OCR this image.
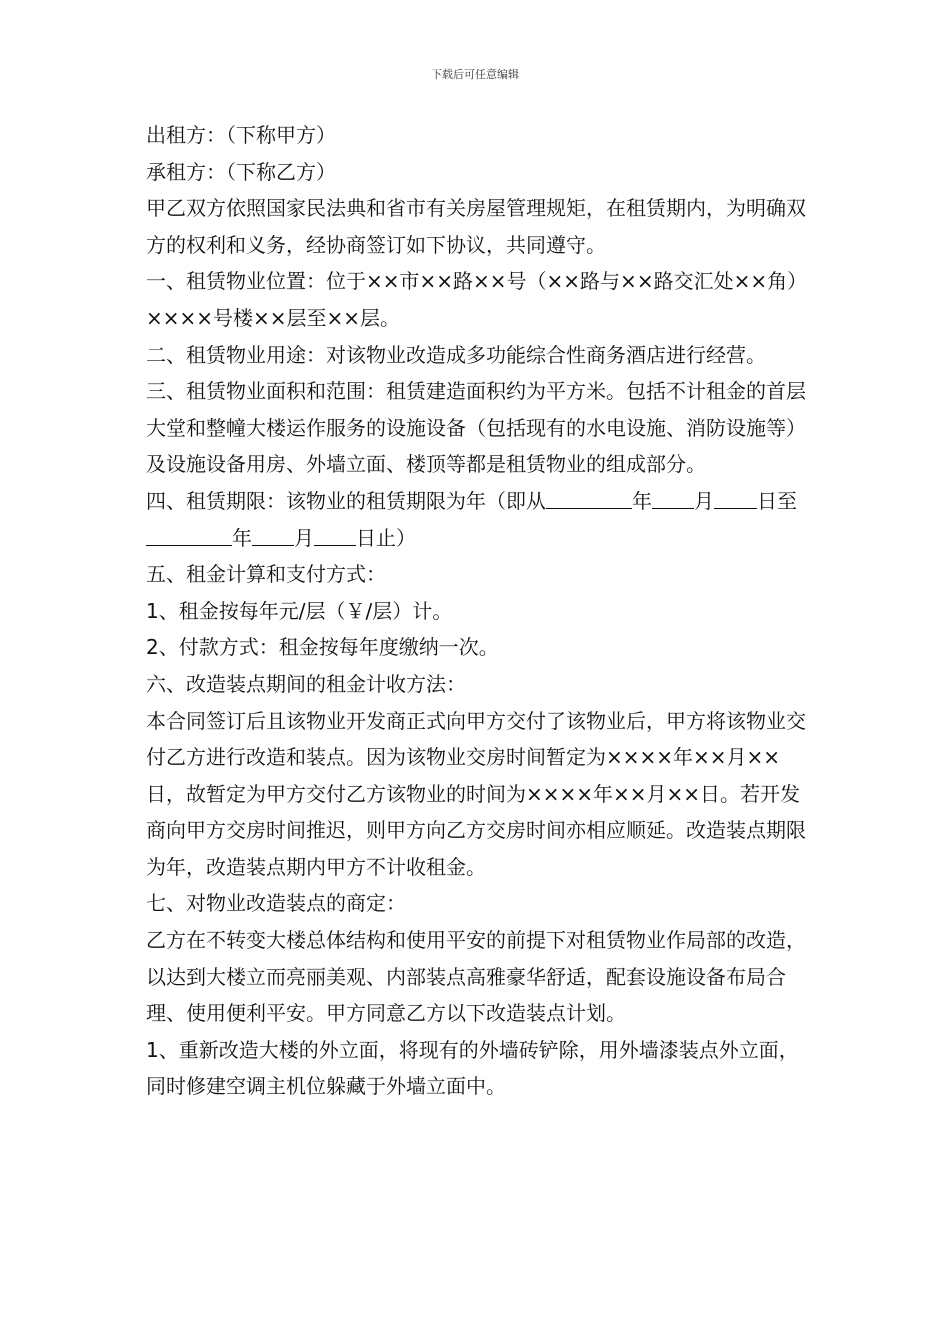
下载后可任意编辑

出租方：（下称甲方）

承租方：（下称乙方）

甲乙双方依照国家民法典和省市有关房屋管理规矩，在租赁期内，为明确双方的权利和义务，经协商签订如下协议，共同遵守。

一、租赁物业位置：位于××市××路××号（××路与××路交汇处××角）××××号楼××层至××层。

二、租赁物业用途：对该物业改造成多功能综合性商务酒店进行经营。

三、租赁物业面积和范围：租赁建造面积约为平方米。包括不计租金的首层大堂和整幢大楼运作服务的设施设备（包括现有的水电设施、消防设施等）及设施设备用房、外墙立面、楼顶等都是租赁物业的组成部分。

四、租赁期限：该物业的租赁期限为年（即从	年 月 日至年 月 日止）

五、租金计算和支付方式：

1、租金按每年元/层（￥/层）计。

2、付款方式：租金按每年度缴纳一次。

六、改造装点期间的租金计收方法：

本合同签订后且该物业开发商正式向甲方交付了该物业后，甲方将该物业交付乙方进行改造和装点。因为该物业交房时间暂定为××××年××月××日，故暂定为甲方交付乙方该物业的时间为××××年××月××日。若开发商向甲方交房时间推迟，则甲方向乙方交房时间亦相应顺延。改造装点期限为年，改造装点期内甲方不计收租金。

七、对物业改造装点的商定：

乙方在不转变大楼总体结构和使用平安的前提下对租赁物业作局部的改造，以达到大楼立而亮丽美观、内部装点高雅豪华舒适，配套设施设备布局合理、使用便利平安。甲方同意乙方以下改造装点计划。

1、重新改造大楼的外立面，将现有的外墙砖铲除，用外墙漆装点外立面，同时修建空调主机位躲藏于外墙立面中。
